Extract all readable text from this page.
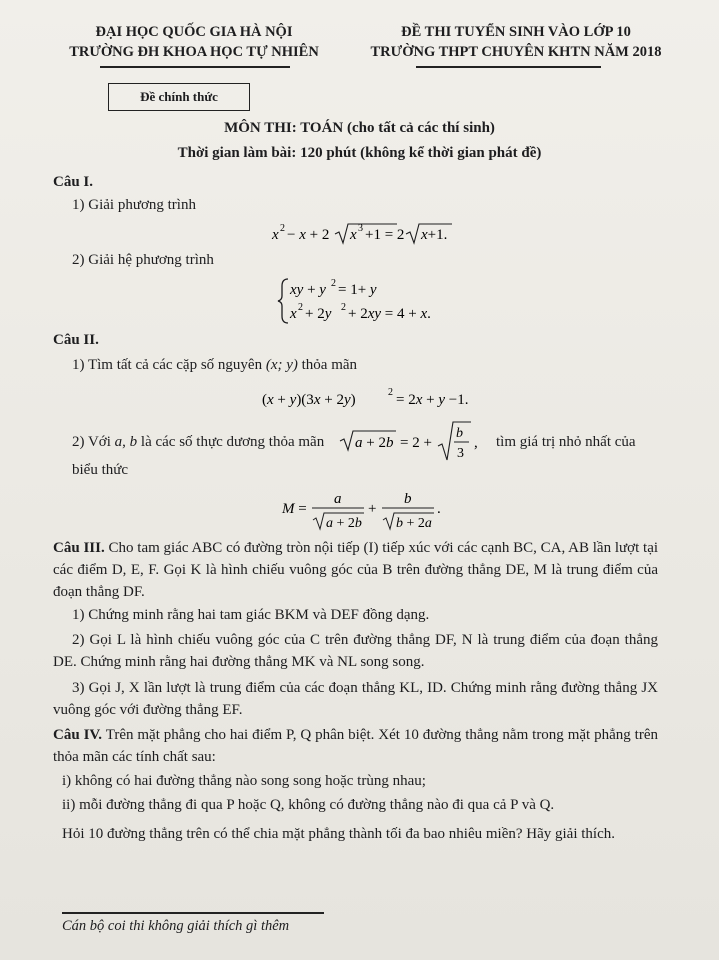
ĐẠI HỌC QUỐC GIA HÀ NỘI
TRƯỜNG ĐH KHOA HỌC TỰ NHIÊN
ĐỀ THI TUYỂN SINH VÀO LỚP 10
TRƯỜNG THPT CHUYÊN KHTN NĂM 2018
Đề chính thức
MÔN THI: TOÁN (cho tất cả các thí sinh)
Thời gian làm bài: 120 phút (không kể thời gian phát đề)
Câu I.
1) Giải phương trình
x 2 − x + 2 x 3 +1 = 2 x+1.
2) Giải hệ phương trình
xy + y 2 = 1+ y
x 2 + 2y 2 + 2xy = 4 + x.
Câu II.
1) Tìm tất cả các cặp số nguyên (x; y) thỏa mãn
(x + y)(3x + 2y)	2 = 2x + y −1.
2) Với a, b là các số thực dương thỏa mãn a + 2b = 2 +
b
3
, tìm giá trị nhỏ nhất của
biểu thức
M =
a
a + 2b
+
b
b + 2a
.
Câu III. Cho tam giác ABC có đường tròn nội tiếp (I) tiếp xúc với các cạnh BC, CA, AB lần lượt tại các điểm D, E, F. Gọi K là hình chiếu vuông góc của B trên đường thẳng DE, M là trung điểm của đoạn thẳng DF.
1) Chứng minh rằng hai tam giác BKM và DEF đồng dạng.
2) Gọi L là hình chiếu vuông góc của C trên đường thẳng DF, N là trung điểm của đoạn thẳng DE. Chứng minh rằng hai đường thẳng MK và NL song song.
3) Gọi J, X lần lượt là trung điểm của các đoạn thẳng KL, ID. Chứng minh rằng đường thẳng JX vuông góc với đường thẳng EF.
Câu IV. Trên mặt phẳng cho hai điểm P, Q phân biệt. Xét 10 đường thẳng nằm trong mặt phẳng trên thỏa mãn các tính chất sau:
i) không có hai đường thẳng nào song song hoặc trùng nhau;
ii) mỗi đường thẳng đi qua P hoặc Q, không có đường thẳng nào đi qua cả P và Q.
Hỏi 10 đường thẳng trên có thể chia mặt phẳng thành tối đa bao nhiêu miền? Hãy giải thích.
Cán bộ coi thi không giải thích gì thêm
